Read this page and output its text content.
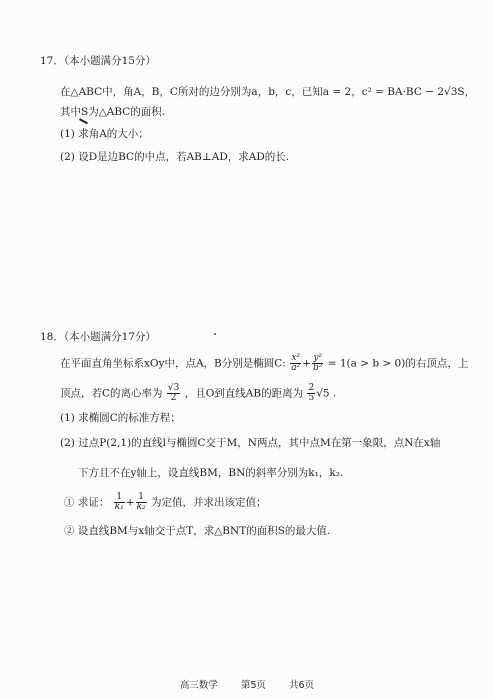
17．（本小题满分15分）
在△ABC中，角A，B，C所对的边分别为a，b，c，已知a = 2，c² = BA·BC − 2√3S，
其中S为△ABC的面积.
(1) 求角A的大小；
(2) 设D是边BC的中点，若AB⊥AD，求AD的长.
18．（本小题满分17分）
在平面直角坐标系xOy中，点A，B分别是椭圆C: $\frac{\text{x²}}{\text{a²}} + \frac{\text{y²}}{\text{b²}} = 1(a > b > 0)$的右顶点，上
顶点，若C的离心率为 $\frac{√3}{2}$ ，且O到直线AB的距离为 $\frac{2}{5} √5$ .
(1) 求椭圆C的标准方程；
(2) 过点P(2,1)的直线l与椭圆C交于M，N两点，其中点M在第一象限，点N在x轴
下方且不在y轴上，设直线BM，BN的斜率分别为k₁，k₂.
① 求证： $\frac{1}{\text{k₁}} + \frac{1}{\text{k₂}}$ 为定值，并求出该定值；
② 设直线BM与x轴交于点T，求△BNT的面积S的最大值.
高三数学 第5页 共6页
